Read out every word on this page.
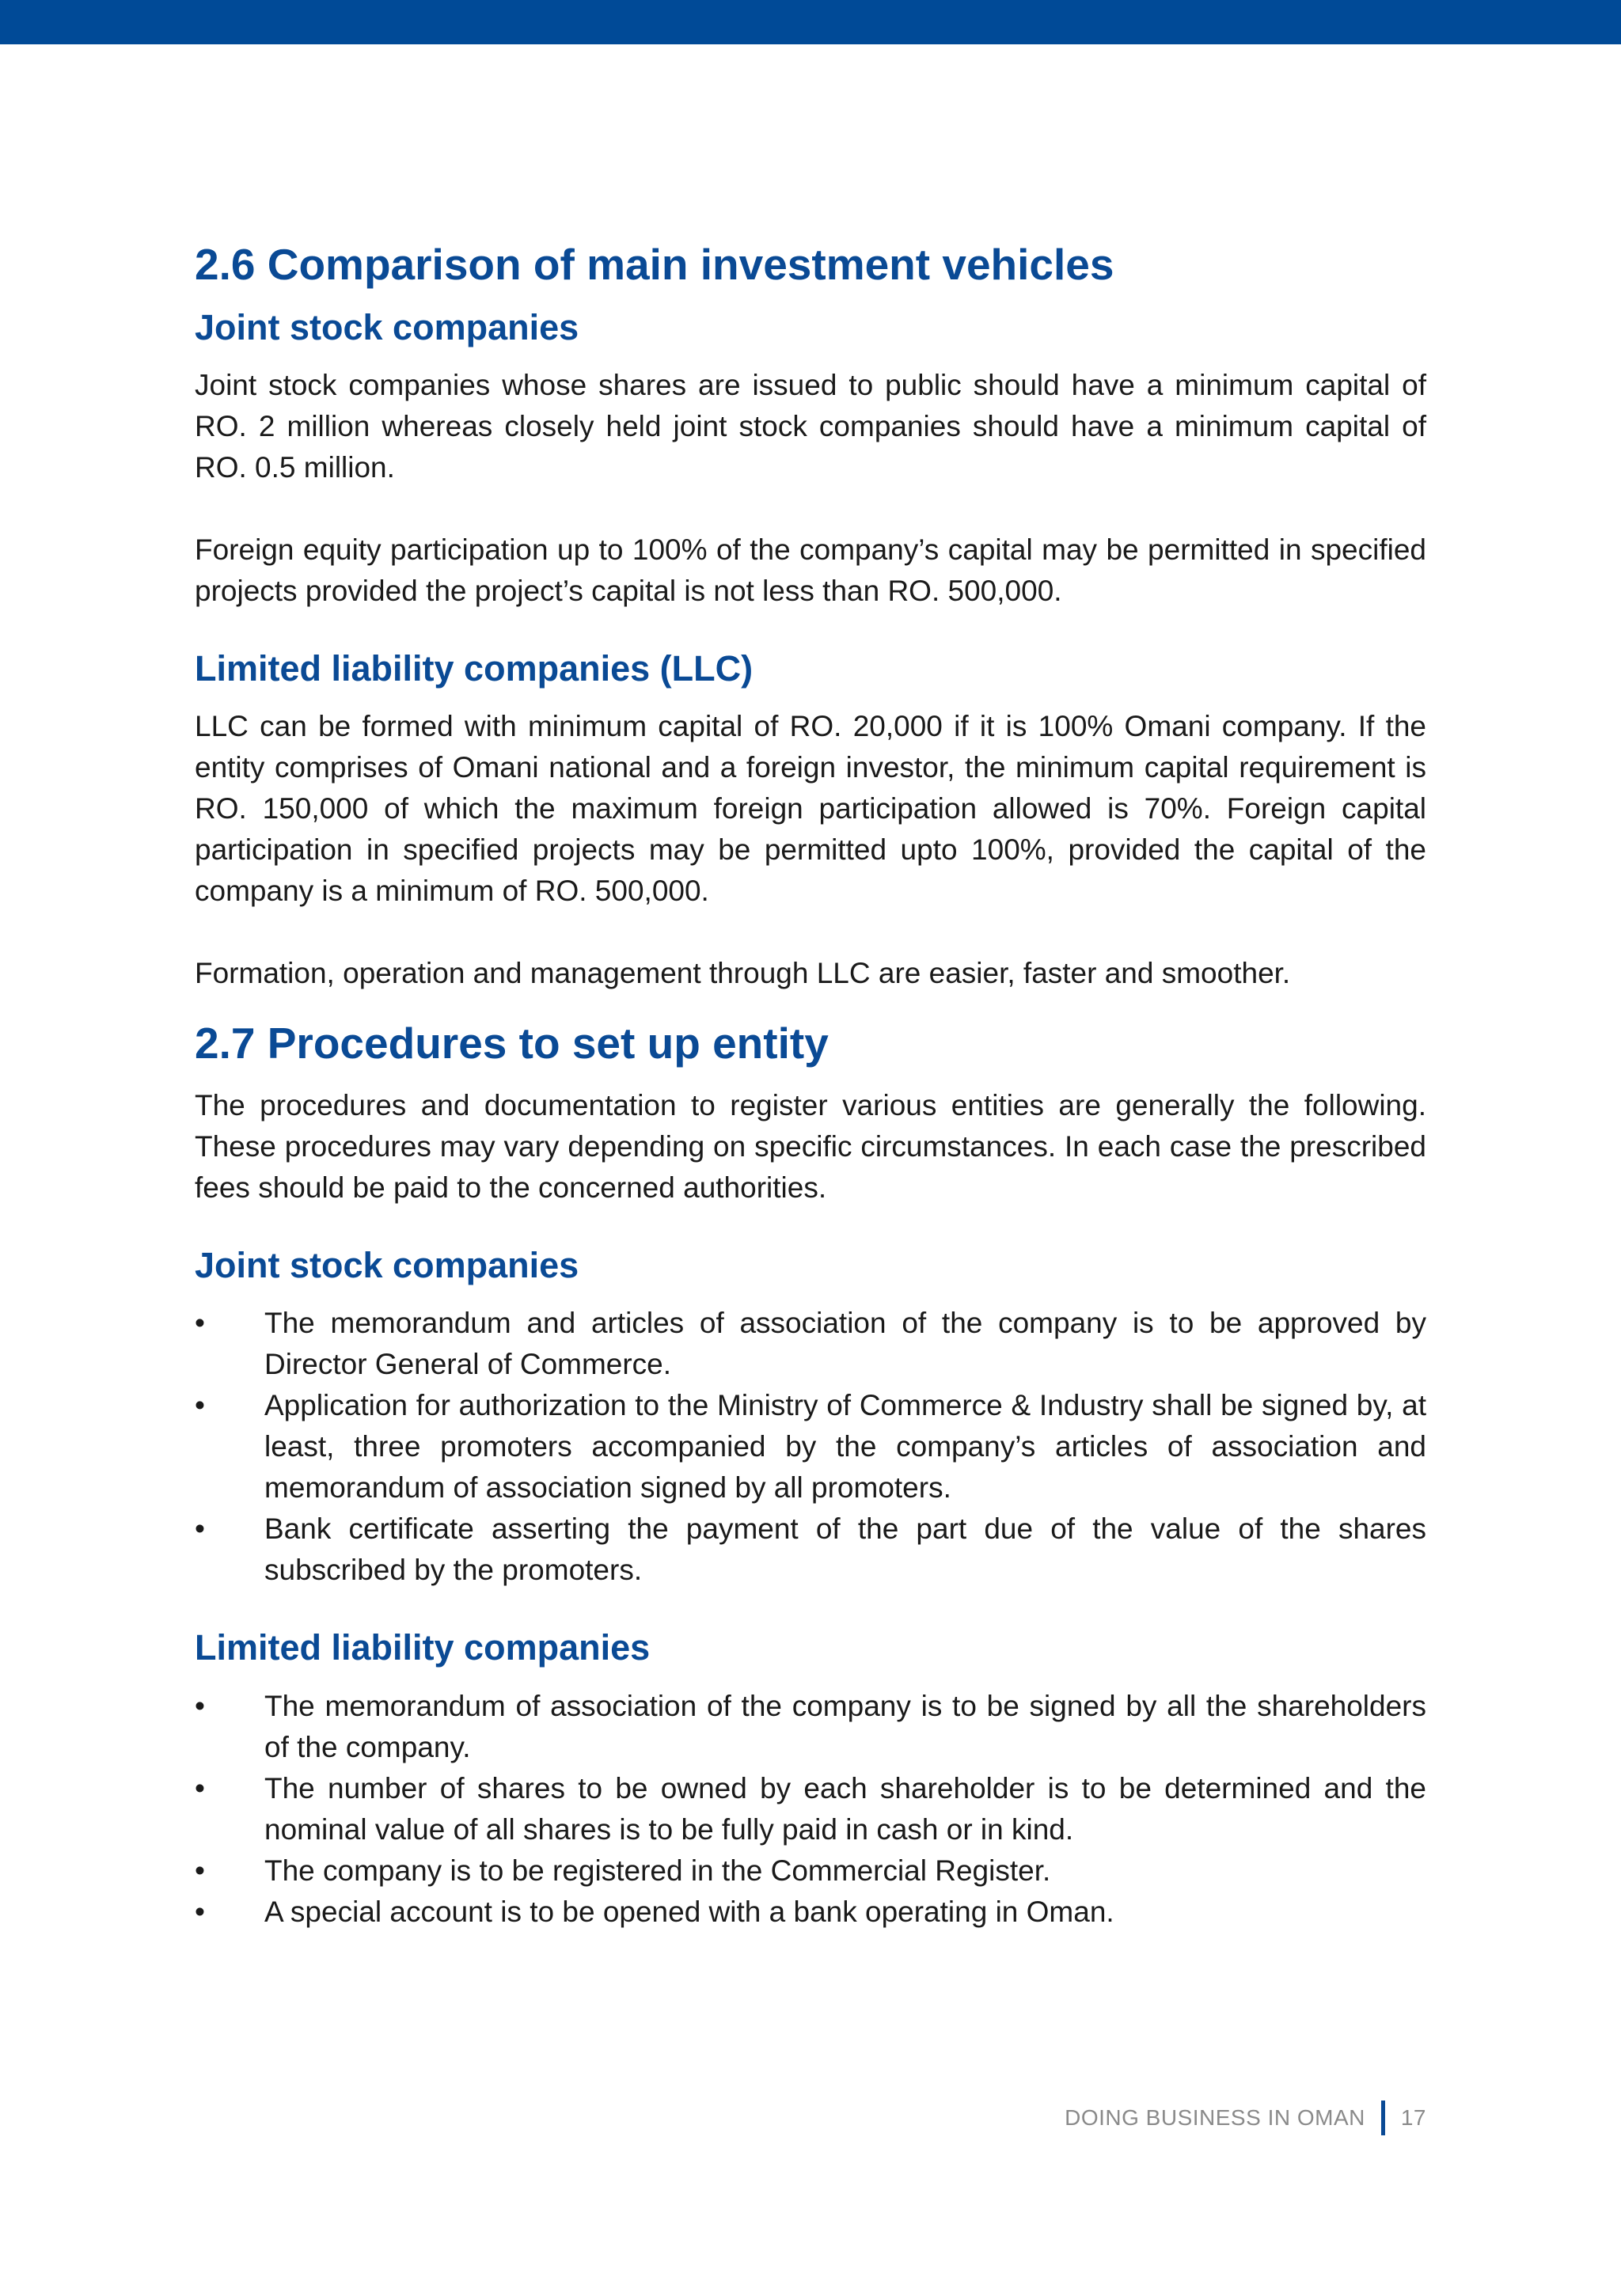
2.6 Comparison of main investment vehicles
Joint stock companies

Joint stock companies whose shares are issued to public should have a minimum capital of RO. 2 million whereas closely held joint stock companies should have a minimum capital of RO. 0.5 million.

Foreign equity participation up to 100% of the company’s capital may be permitted in specified projects provided the project’s capital is not less than RO. 500,000.

Limited liability companies (LLC)

LLC can be formed with minimum capital of RO. 20,000 if it is 100% Omani company. If the entity comprises of Omani national and a foreign investor, the minimum capital requirement is RO. 150,000 of which the maximum foreign participation allowed is 70%. Foreign capital participation in specified projects may be permitted upto 100%, provided the capital of the company is a minimum of RO. 500,000.

Formation, operation and management through LLC are easier, faster and smoother.

2.7 Procedures to set up entity

The procedures and documentation to register various entities are generally the following. These procedures may vary depending on specific circumstances. In each case the prescribed fees should be paid to the concerned authorities.

Joint stock companies
•	The memorandum and articles of association of the company is to be approved by Director General of Commerce.
•	Application for authorization to the Ministry of Commerce & Industry shall be signed by, at least, three promoters accompanied by the company’s articles of association and memorandum of association signed by all promoters.
•	Bank certificate asserting the payment of the part due of the value of the shares subscribed by the promoters.
Limited liability companies
•	The memorandum of association of the company is to be signed by all the shareholders of the company.
•	The number of shares to be owned by each shareholder is to be determined and the nominal value of all shares is to be fully paid in cash or in kind.
•	The company is to be registered in the Commercial Register.
•	A special account is to be opened with a bank operating in Oman.
DOING BUSINESS IN OMAN 17
